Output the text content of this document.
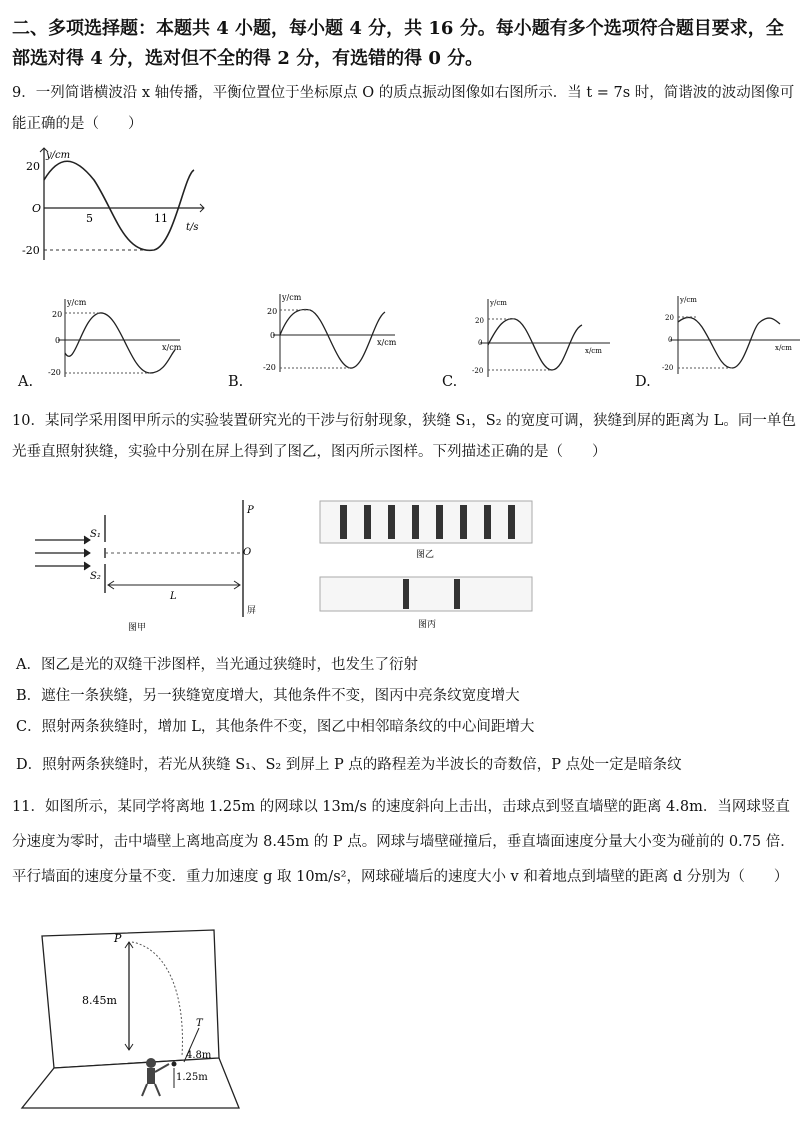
二、多项选择题：本题共 4 小题，每小题 4 分，共 16 分。每小题有多个选项符合题目要求，全部选对得 4 分，选对但不全的得 2 分，有选错的得 0 分。
9．一列简谐横波沿 x 轴传播，平衡位置位于坐标原点 O 的质点振动图像如右图所示．当 t = 7s 时，简谐波的波动图像可能正确的是（　　）
y/cm
20
O
-20
5	11
t/s
y/cm
20
0
-20
x/cm
A.
y/cm
20
0
-20
x/cm
B.
y/cm
20
0
-20
x/cm
C.
y/cm
20
0
-20
x/cm
D.
10．某同学采用图甲所示的实验装置研究光的干涉与衍射现象，狭缝 S₁，S₂ 的宽度可调，狭缝到屏的距离为 L。同一单色光垂直照射狭缝，实验中分别在屏上得到了图乙，图丙所示图样。下列描述正确的是（　　）
S₁
S₂
P
O
L
屏
图甲
图乙
图丙
A．图乙是光的双缝干涉图样，当光通过狭缝时，也发生了衍射
B．遮住一条狭缝，另一狭缝宽度增大，其他条件不变，图丙中亮条纹宽度增大
C．照射两条狭缝时，增加 L，其他条件不变，图乙中相邻暗条纹的中心间距增大
D．照射两条狭缝时，若光从狭缝 S₁、S₂ 到屏上 P 点的路程差为半波长的奇数倍，P 点处一定是暗条纹
11．如图所示，某同学将离地 1.25m 的网球以 13m/s 的速度斜向上击出，击球点到竖直墙壁的距离 4.8m．当网球竖直分速度为零时，击中墙壁上离地高度为 8.45m 的 P 点。网球与墙壁碰撞后，垂直墙面速度分量大小变为碰前的 0.75 倍．平行墙面的速度分量不变．重力加速度 g 取 10m/s²，网球碰墙后的速度大小 v 和着地点到墙壁的距离 d 分别为（　　）
P
8.45m
4.8m
1.25m
T
